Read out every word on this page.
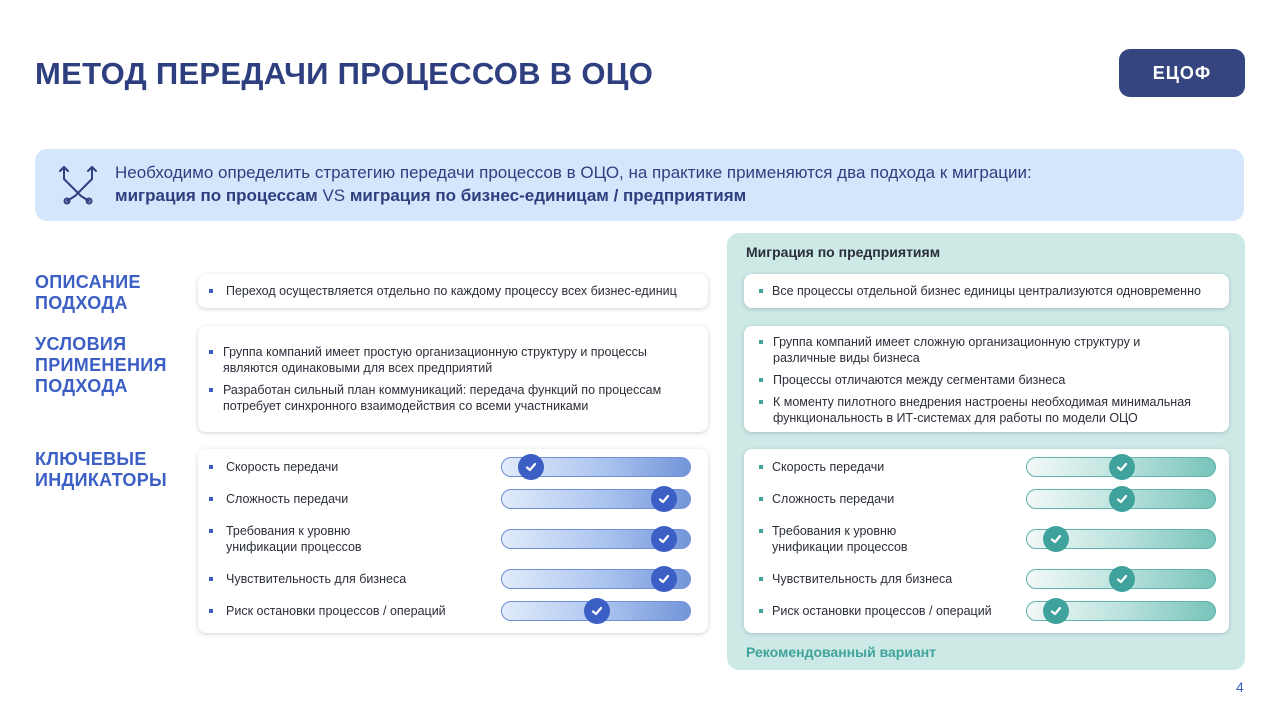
МЕТОД ПЕРЕДАЧИ ПРОЦЕССОВ В ОЦО	ЕЦОФ
Необходимо определить стратегию передачи процессов в ОЦО, на практике применяются два подхода к миграции:
миграция по процессам VS миграция по бизнес-единицам / предприятиям
Миграция по предприятиям
Рекомендованный вариант
ОПИСАНИЕ
ПОДХОДА
УСЛОВИЯ
ПРИМЕНЕНИЯ
ПОДХОДА
КЛЮЧЕВЫЕ
ИНДИКАТОРЫ
Переход осуществляется отдельно по каждому процессу всех бизнес-единиц
Группа компаний имеет простую организационную структуру и процессы
являются одинаковыми для всех предприятий
Разработан сильный план коммуникаций: передача функций по процессам
потребует синхронного взаимодействия со всеми участниками
Все процессы отдельной бизнес единицы централизуются одновременно
Группа компаний имеет сложную организационную структуру и
различные виды бизнеса
Процессы отличаются между сегментами бизнеса
К моменту пилотного внедрения настроены необходимая минимальная
функциональность в ИТ-системах для работы по модели ОЦО
Скорость передачи
Сложность передачи
Требования к уровню
унификации процессов
Чувствительность для бизнеса
Риск остановки процессов / операций
Скорость передачи
Сложность передачи
Требования к уровню
унификации процессов
Чувствительность для бизнеса
Риск остановки процессов / операций
4
